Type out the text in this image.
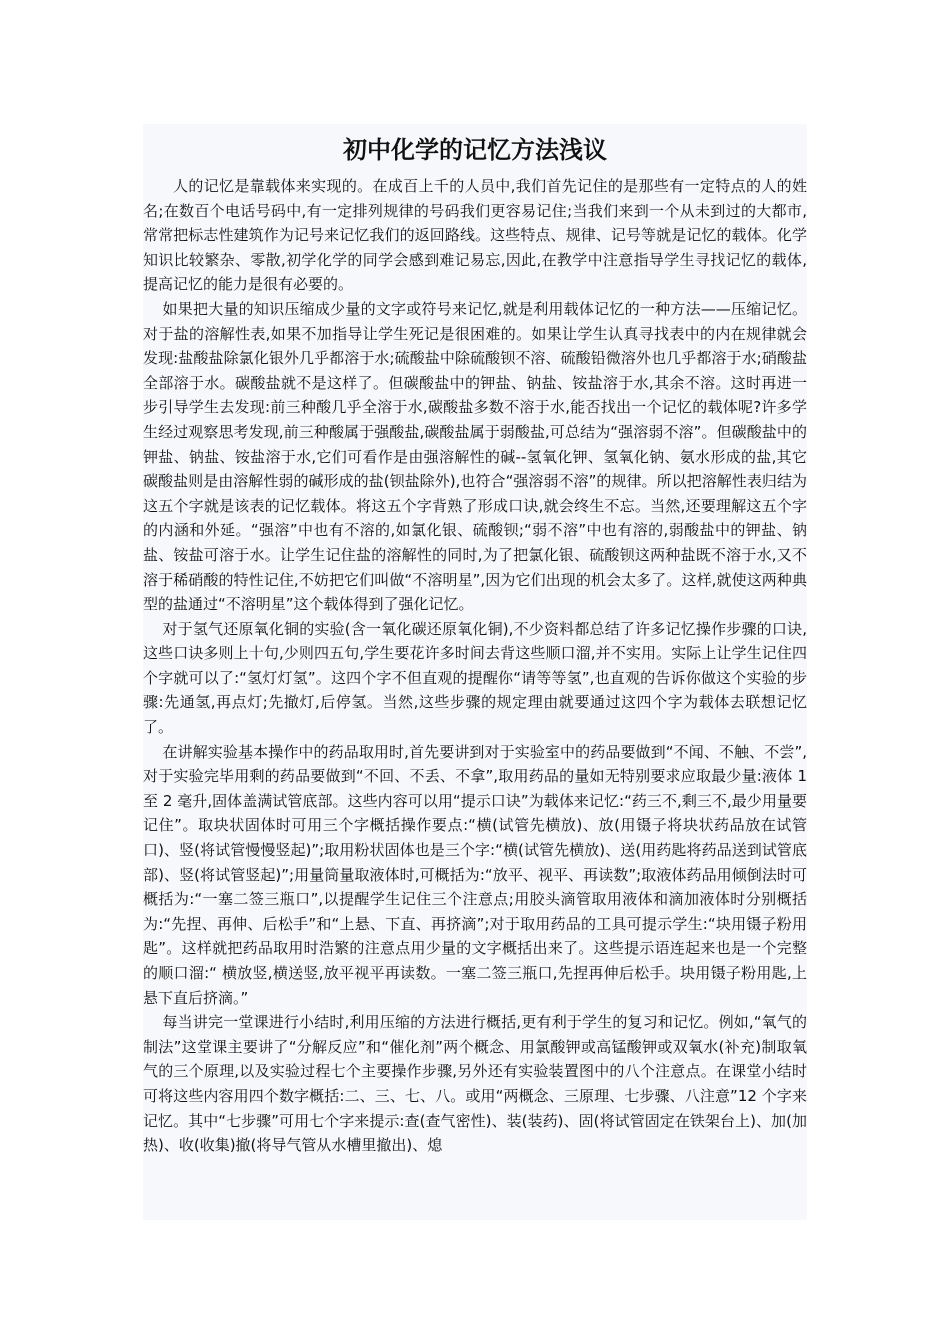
初中化学的记忆方法浅议

人的记忆是靠载体来实现的。在成百上千的人员中,我们首先记住的是那些有一定特点的人的姓名;在数百个电话号码中,有一定排列规律的号码我们更容易记住;当我们来到一个从未到过的大都市,常常把标志性建筑作为记号来记忆我们的返回路线。这些特点、规律、记号等就是记忆的载体。化学知识比较繁杂、零散,初学化学的同学会感到难记易忘,因此,在教学中注意指导学生寻找记忆的载体,提高记忆的能力是很有必要的。

如果把大量的知识压缩成少量的文字或符号来记忆,就是利用载体记忆的一种方法——压缩记忆。对于盐的溶解性表,如果不加指导让学生死记是很困难的。如果让学生认真寻找表中的内在规律就会发现:盐酸盐除氯化银外几乎都溶于水;硫酸盐中除硫酸钡不溶、硫酸铅微溶外也几乎都溶于水;硝酸盐全部溶于水。碳酸盐就不是这样了。但碳酸盐中的钾盐、钠盐、铵盐溶于水,其余不溶。这时再进一步引导学生去发现:前三种酸几乎全溶于水,碳酸盐多数不溶于水,能否找出一个记忆的载体呢?许多学生经过观察思考发现,前三种酸属于强酸盐,碳酸盐属于弱酸盐,可总结为“强溶弱不溶”。但碳酸盐中的钾盐、钠盐、铵盐溶于水,它们可看作是由强溶解性的碱--氢氧化钾、氢氧化钠、氨水形成的盐,其它碳酸盐则是由溶解性弱的碱形成的盐(钡盐除外),也符合“强溶弱不溶”的规律。所以把溶解性表归结为这五个字就是该表的记忆载体。将这五个字背熟了形成口诀,就会终生不忘。当然,还要理解这五个字的内涵和外延。“强溶”中也有不溶的,如氯化银、硫酸钡;“弱不溶”中也有溶的,弱酸盐中的钾盐、钠盐、铵盐可溶于水。让学生记住盐的溶解性的同时,为了把氯化银、硫酸钡这两种盐既不溶于水,又不溶于稀硝酸的特性记住,不妨把它们叫做“不溶明星”,因为它们出现的机会太多了。这样,就使这两种典型的盐通过“不溶明星”这个载体得到了强化记忆。

对于氢气还原氧化铜的实验(含一氧化碳还原氧化铜),不少资料都总结了许多记忆操作步骤的口诀,这些口诀多则上十句,少则四五句,学生要花许多时间去背这些顺口溜,并不实用。实际上让学生记住四个字就可以了:“氢灯灯氢”。这四个字不但直观的提醒你“请等等氢”,也直观的告诉你做这个实验的步骤:先通氢,再点灯;先撤灯,后停氢。当然,这些步骤的规定理由就要通过这四个字为载体去联想记忆了。

在讲解实验基本操作中的药品取用时,首先要讲到对于实验室中的药品要做到“不闻、不触、不尝”,对于实验完毕用剩的药品要做到“不回、不丢、不拿”,取用药品的量如无特别要求应取最少量:液体 1 至 2 毫升,固体盖满试管底部。这些内容可以用“提示口诀”为载体来记忆:“药三不,剩三不,最少用量要记住”。取块状固体时可用三个字概括操作要点:“横(试管先横放)、放(用镊子将块状药品放在试管口)、竖(将试管慢慢竖起)”;取用粉状固体也是三个字:“横(试管先横放)、送(用药匙将药品送到试管底部)、竖(将试管竖起)”;用量筒量取液体时,可概括为:“放平、视平、再读数”;取液体药品用倾倒法时可概括为:“一塞二签三瓶口”,以提醒学生记住三个注意点;用胶头滴管取用液体和滴加液体时分别概括为:“先捏、再伸、后松手”和“上悬、下直、再挤滴”;对于取用药品的工具可提示学生:“块用镊子粉用匙”。这样就把药品取用时浩繁的注意点用少量的文字概括出来了。这些提示语连起来也是一个完整的顺口溜:“ 横放竖,横送竖,放平视平再读数。一塞二签三瓶口,先捏再伸后松手。块用镊子粉用匙,上悬下直后挤滴。”

每当讲完一堂课进行小结时,利用压缩的方法进行概括,更有利于学生的复习和记忆。例如,“氧气的制法”这堂课主要讲了“分解反应”和“催化剂”两个概念、用氯酸钾或高锰酸钾或双氧水(补充)制取氧气的三个原理,以及实验过程七个主要操作步骤,另外还有实验装置图中的八个注意点。在课堂小结时可将这些内容用四个数字概括:二、三、七、八。或用“两概念、三原理、七步骤、八注意”12 个字来记忆。其中“七步骤”可用七个字来提示:查(查气密性)、装(装药)、固(将试管固定在铁架台上)、加(加热)、收(收集)撤(将导气管从水槽里撤出)、熄
